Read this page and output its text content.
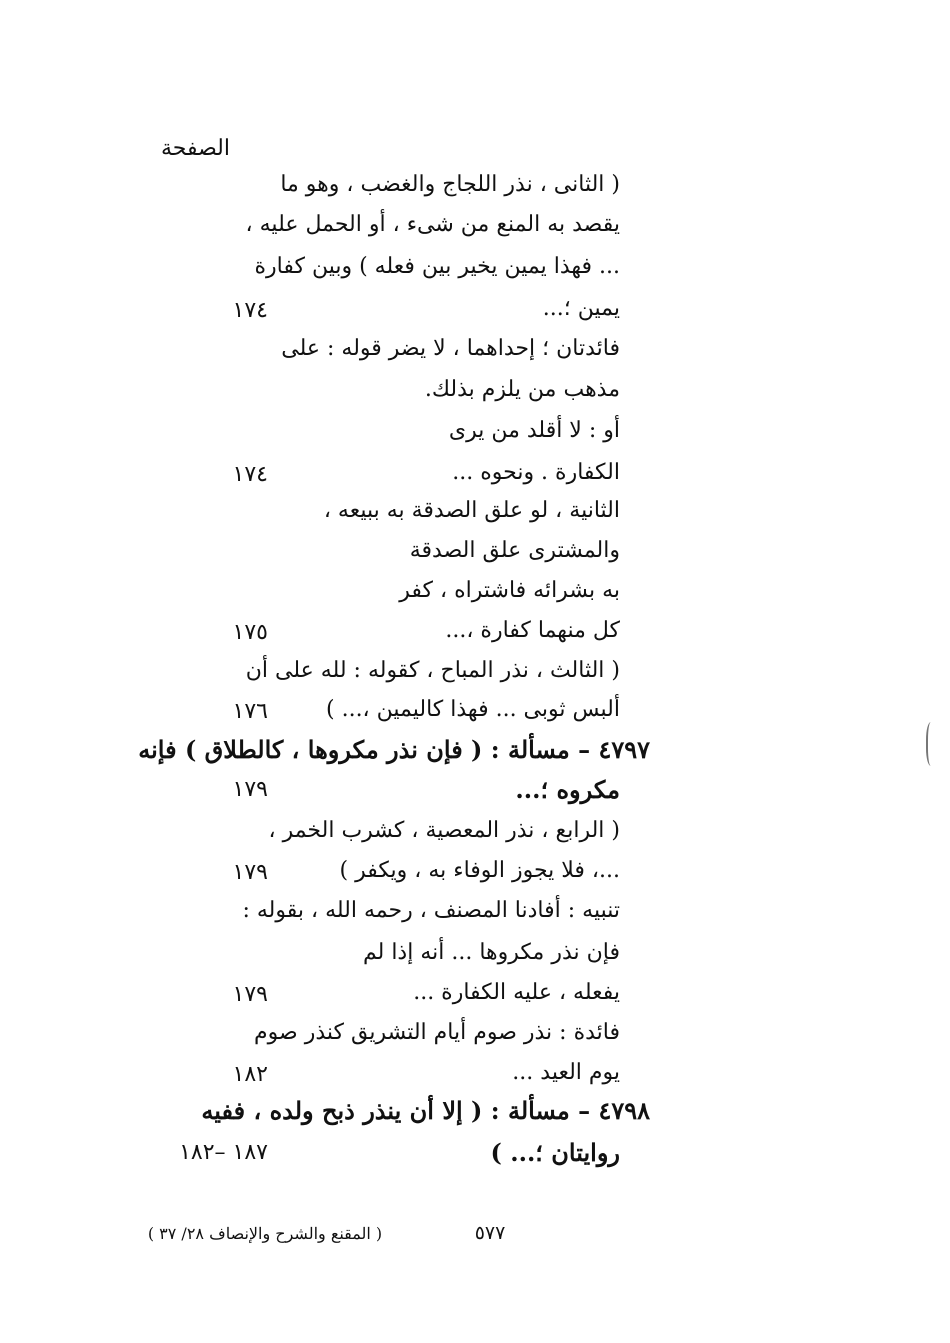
الصفحة
( الثانى ، نذر اللجاج والغضب ، وهو ما
يقصد به المنع من شىء ، أو الحمل عليه ،
... فهذا يمين يخير بين فعله ) وبين كفارة
يمين ؛...
١٧٤
فائدتان ؛ إحداهما ، لا يضر قوله : على
مذهب من يلزم بذلك.
أو : لا أقلد من يرى
الكفارة . ونحوه ...
١٧٤
الثانية ، لو علق الصدقة به ببيعه ،
والمشترى علق الصدقة
به بشرائه فاشتراه ، كفر
كل منهما كفارة ،...
١٧٥
( الثالث ، نذر المباح ، كقوله : لله على أن
ألبس ثوبى ... فهذا كاليمين ،... )
١٧٦
٤٧٩٧ – مسألة : ( فإن نذر مكروها ، كالطلاق ) فإنه
مكروه ؛...
١٧٩
( الرابع ، نذر المعصية ، كشرب الخمر ،
...، فلا يجوز الوفاء به ، ويكفر )
١٧٩
تنبيه : أفادنا المصنف ، رحمه الله ، بقوله :
فإن نذر مكروها ... أنه إذا لم
يفعله ، عليه الكفارة ...
١٧٩
فائدة : نذر صوم أيام التشريق كنذر صوم
يوم العيد ...
١٨٢
٤٧٩٨ – مسألة : ( إلا أن ينذر ذبح ولده ، ففيه
روايتان ؛... )
١٨٧ –١٨٢
٥٧٧
( المقنع والشرح والإنصاف ٢٨/ ٣٧ )
